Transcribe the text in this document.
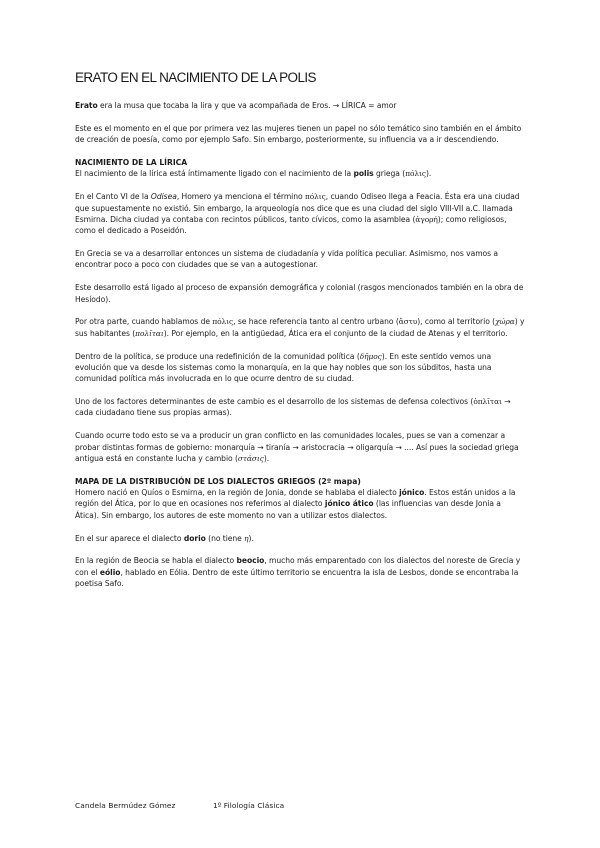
ERATO EN EL NACIMIENTO DE LA POLIS

Erato era la musa que tocaba la lira y que va acompañada de Eros. → LÍRICA = amor

Este es el momento en el que por primera vez las mujeres tienen un papel no sólo temático sino también en el ámbito de creación de poesía, como por ejemplo Safo. Sin embargo, posteriormente, su influencia va a ir descendiendo.

NACIMIENTO DE LA LÍRICA

El nacimiento de la lírica está íntimamente ligado con el nacimiento de la polis griega (πόλις).

En el Canto VI de la Odisea, Homero ya menciona el término πόλις, cuando Odiseo llega a Feacia. Ésta era una ciudad que supuestamente no existió. Sin embargo, la arqueología nos dice que es una ciudad del siglo VIII-VII a.C. llamada Esmirna. Dicha ciudad ya contaba con recintos públicos, tanto cívicos, como la asamblea (ἀγορή); como religiosos, como el dedicado a Poseidón.

En Grecia se va a desarrollar entonces un sistema de ciudadanía y vida política peculiar. Asimismo, nos vamos a encontrar poco a poco con ciudades que se van a autogestionar.

Este desarrollo está ligado al proceso de expansión demográfica y colonial (rasgos mencionados también en la obra de Hesíodo).

Por otra parte, cuando hablamos de πόλις, se hace referencia tanto al centro urbano (ἄστυ), como al territorio (χώρα) y sus habitantes (πολῖται). Por ejemplo, en la antigüedad, Ática era el conjunto de la ciudad de Atenas y el territorio.

Dentro de la política, se produce una redefinición de la comunidad política (δῆμος). En este sentido vemos una evolución que va desde los sistemas como la monarquía, en la que hay nobles que son los súbditos, hasta una comunidad política más involucrada en lo que ocurre dentro de su ciudad.

Uno de los factores determinantes de este cambio es el desarrollo de los sistemas de defensa colectivos (ὁπλῖται → cada ciudadano tiene sus propias armas).

Cuando ocurre todo esto se va a producir un gran conflicto en las comunidades locales, pues se van a comenzar a probar distintas formas de gobierno: monarquía → tiranía → aristocracia → oligarquía → .... Así pues la sociedad griega antigua está en constante lucha y cambio (στάσις).

MAPA DE LA DISTRIBUCIÓN DE LOS DIALECTOS GRIEGOS (2º mapa)

Homero nació en Quíos o Esmirna, en la región de Jonia, donde se hablaba el dialecto jónico. Estos están unidos a la región del Ática, por lo que en ocasiones nos referimos al dialecto jónico ático (las influencias van desde Jonia a Ática). Sin embargo, los autores de este momento no van a utilizar estos dialectos.

En el sur aparece el dialecto dorio (no tiene η).

En la región de Beocia se habla el dialecto beocio, mucho más emparentado con los dialectos del noreste de Grecia y con el eólio, hablado en Eólia. Dentro de este último territorio se encuentra la isla de Lesbos, donde se encontraba la poetisa Safo.

Candela Bermúdez Gómez	1º Filología Clásica
